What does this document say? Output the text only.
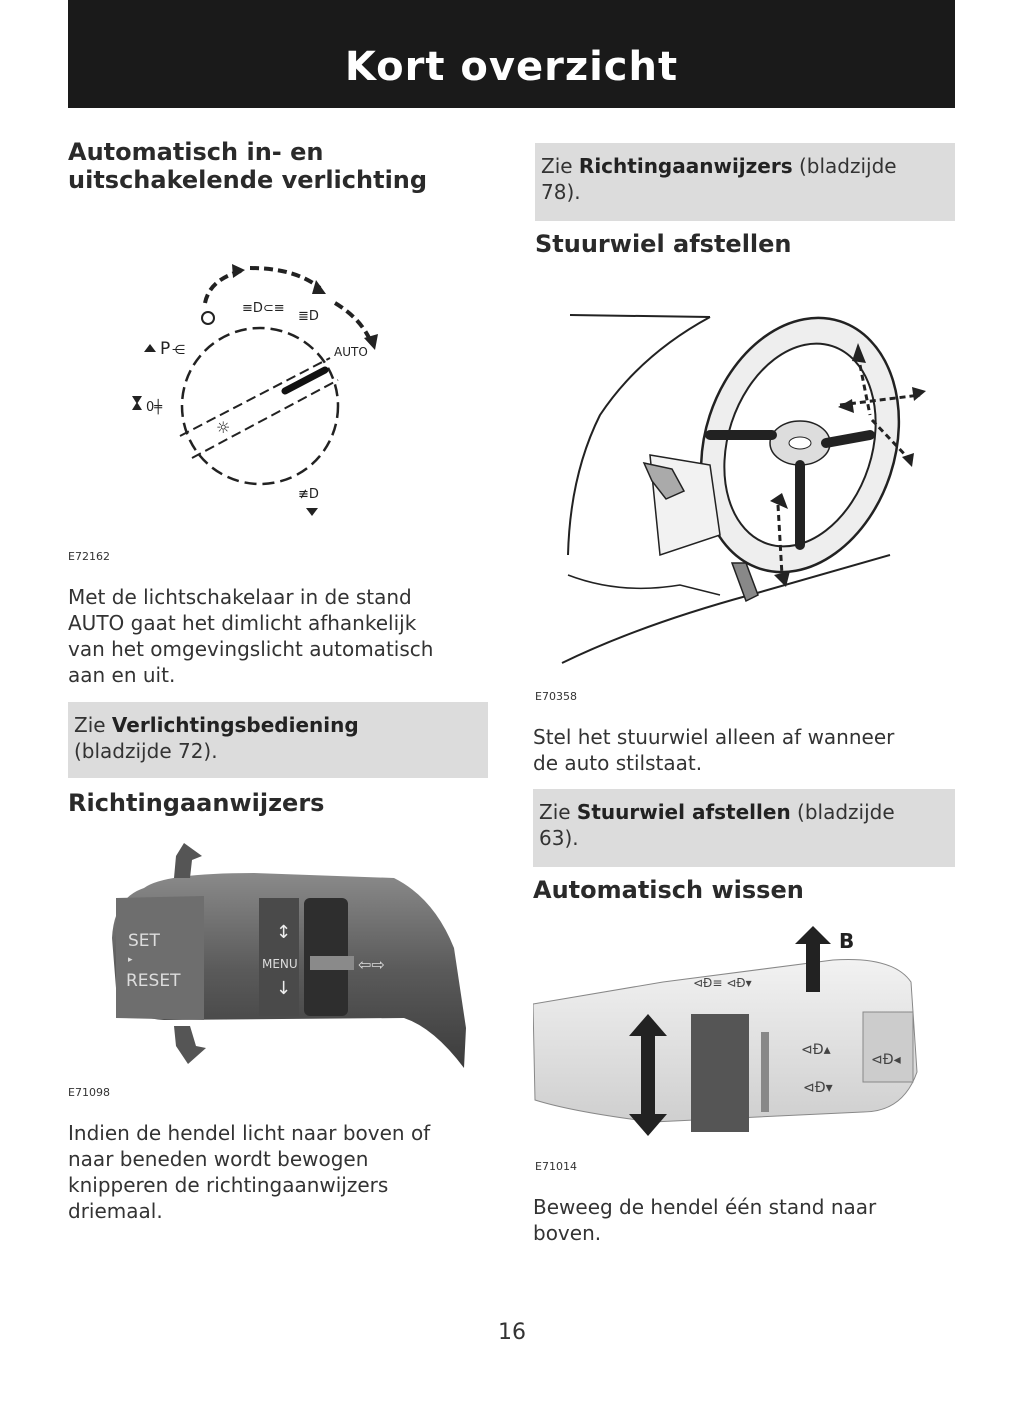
Kort overzicht
Automatisch in- en
uitschakelende verlichting
≡D⊂≡
≣D
☼
AUTO
P ⋲
0╪
≢D
E72162
Met de lichtschakelaar in de stand
AUTO gaat het dimlicht afhankelijk
van het omgevingslicht automatisch
aan en uit.
Zie Verlichtingsbediening
(bladzijde 72).
Richtingaanwijzers
SET
▸
RESET
↕
MENU
↓
⇦⇨
E71098
Indien de hendel licht naar boven of
naar beneden wordt bewogen
knipperen de richtingaanwijzers
driemaal.
Zie Richtingaanwijzers (bladzijde
78).
Stuurwiel afstellen
E70358
Stel het stuurwiel alleen af wanneer
de auto stilstaat.
Zie Stuurwiel afstellen (bladzijde
63).
Automatisch wissen
⊲Ɖ≡ ⊲Ɖ▾
⊲Ɖ▴
⊲Ɖ▾
⊲Ɖ◂
B
E71014
Beweeg de hendel één stand naar
boven.
16
